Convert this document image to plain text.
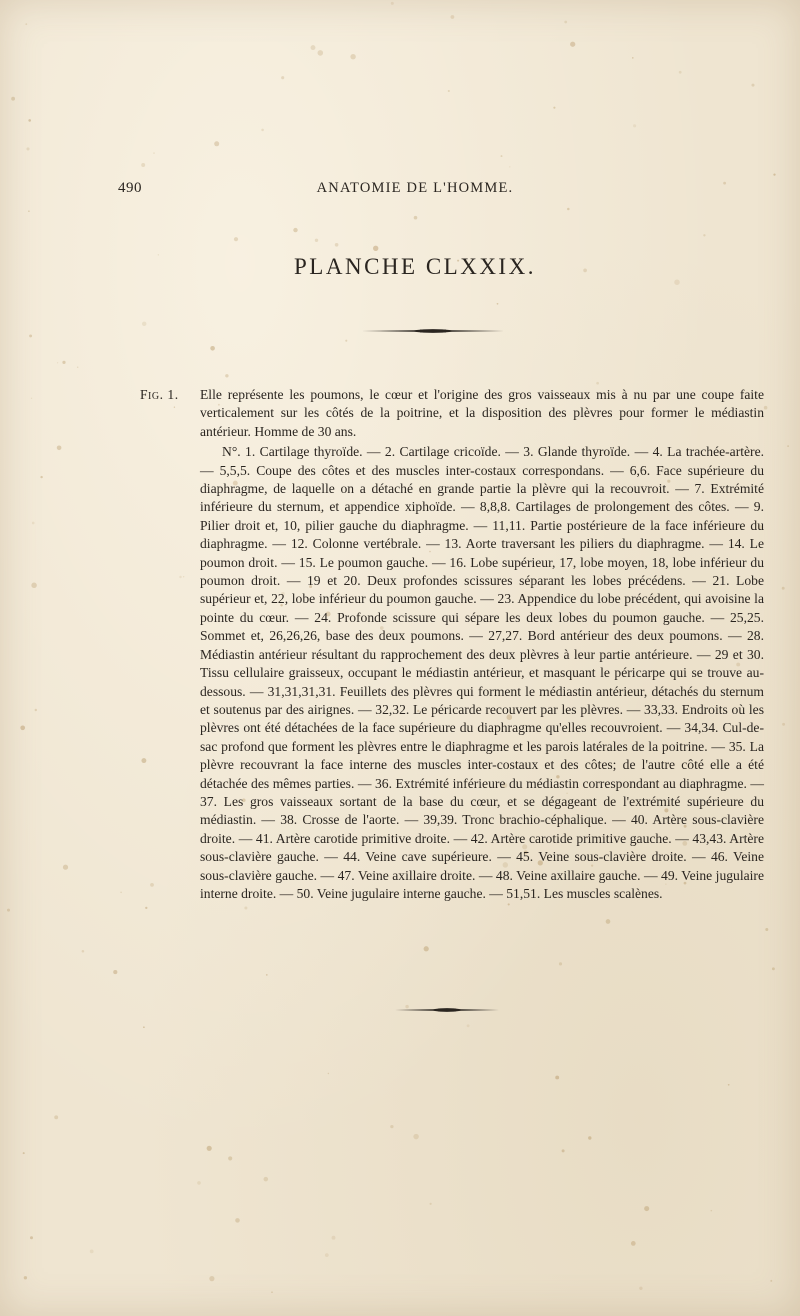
490	ANATOMIE DE L'HOMME.
PLANCHE CLXXIX.

Fig. 1. Elle représente les poumons, le cœur et l'origine des gros vaisseaux mis à nu par une coupe faite verticalement sur les côtés de la poitrine, et la disposition des plèvres pour former le médiastin antérieur. Homme de 30 ans.

N°. 1. Cartilage thyroïde. — 2. Cartilage cricoïde. — 3. Glande thyroïde. — 4. La trachée-artère. — 5,5,5. Coupe des côtes et des muscles inter-costaux correspondans. — 6,6. Face supérieure du diaphragme, de laquelle on a détaché en grande partie la plèvre qui la recouvroit. — 7. Extrémité inférieure du sternum, et appendice xiphoïde. — 8,8,8. Cartilages de prolongement des côtes. — 9. Pilier droit et, 10, pilier gauche du diaphragme. — 11,11. Partie postérieure de la face inférieure du diaphragme. — 12. Colonne vertébrale. — 13. Aorte traversant les piliers du diaphragme. — 14. Le poumon droit. — 15. Le poumon gauche. — 16. Lobe supérieur, 17, lobe moyen, 18, lobe inférieur du poumon droit. — 19 et 20. Deux profondes scissures séparant les lobes précédens. — 21. Lobe supérieur et, 22, lobe inférieur du poumon gauche. — 23. Appendice du lobe précédent, qui avoisine la pointe du cœur. — 24. Profonde scissure qui sépare les deux lobes du poumon gauche. — 25,25. Sommet et, 26,26,26, base des deux poumons. — 27,27. Bord antérieur des deux poumons. — 28. Médiastin antérieur résultant du rapprochement des deux plèvres à leur partie antérieure. — 29 et 30. Tissu cellulaire graisseux, occupant le médiastin antérieur, et masquant le péricarpe qui se trouve au-dessous. — 31,31,31,31. Feuillets des plèvres qui forment le médiastin antérieur, détachés du sternum et soutenus par des airignes. — 32,32. Le péricarde recouvert par les plèvres. — 33,33. Endroits où les plèvres ont été détachées de la face supérieure du diaphragme qu'elles recouvroient. — 34,34. Cul-de-sac profond que forment les plèvres entre le diaphragme et les parois latérales de la poitrine. — 35. La plèvre recouvrant la face interne des muscles inter-costaux et des côtes; de l'autre côté elle a été détachée des mêmes parties. — 36. Extrémité inférieure du médiastin correspondant au diaphragme. — 37. Les gros vaisseaux sortant de la base du cœur, et se dégageant de l'extrémité supérieure du médiastin. — 38. Crosse de l'aorte. — 39,39. Tronc brachio-céphalique. — 40. Artère sous-clavière droite. — 41. Artère carotide primitive droite. — 42. Artère carotide primitive gauche. — 43,43. Artère sous-clavière gauche. — 44. Veine cave supérieure. — 45. Veine sous-clavière droite. — 46. Veine sous-clavière gauche. — 47. Veine axillaire droite. — 48. Veine axillaire gauche. — 49. Veine jugulaire interne droite. — 50. Veine jugulaire interne gauche. — 51,51. Les muscles scalènes.
